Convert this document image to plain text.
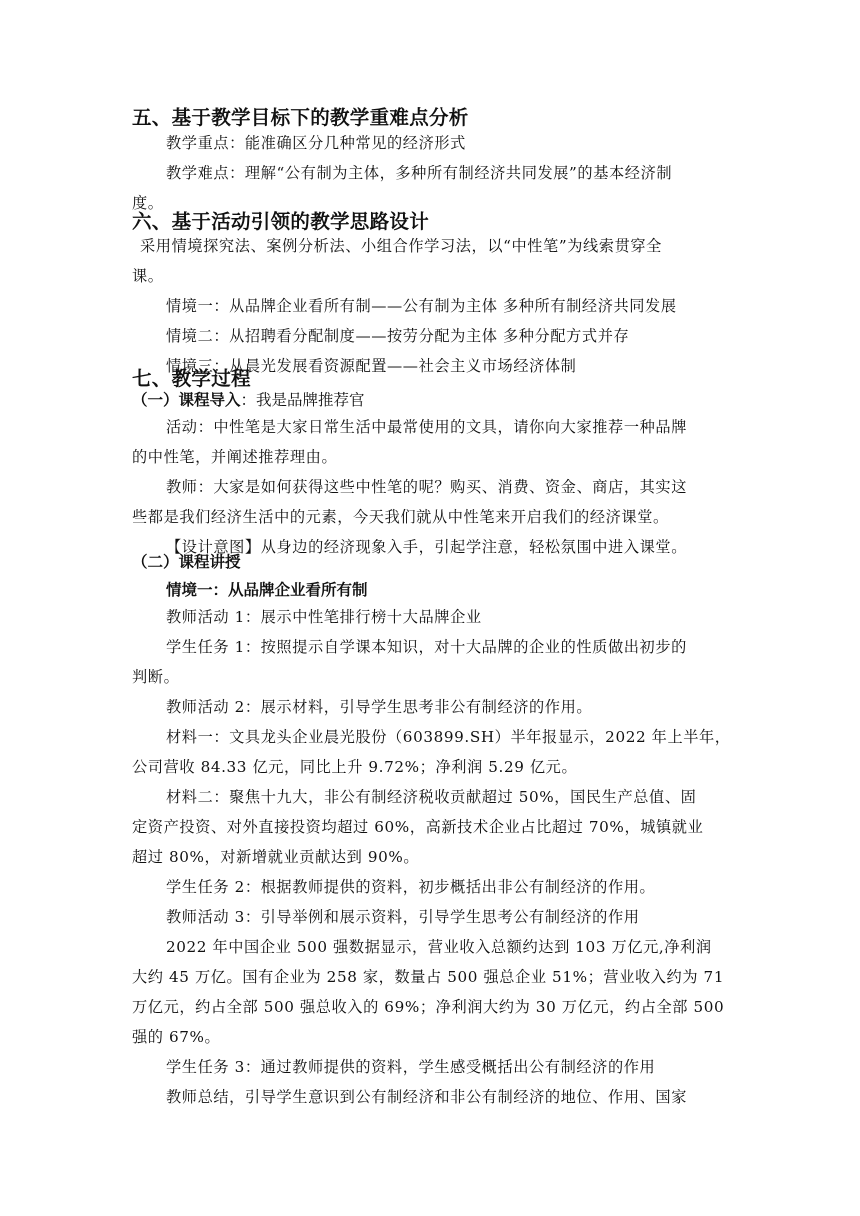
五、基于教学目标下的教学重难点分析
教学重点：能准确区分几种常见的经济形式
教学难点：理解“公有制为主体，多种所有制经济共同发展”的基本经济制
度。
六、基于活动引领的教学思路设计
采用情境探究法、案例分析法、小组合作学习法，以“中性笔”为线索贯穿全
课。
情境一：从品牌企业看所有制——公有制为主体 多种所有制经济共同发展
情境二：从招聘看分配制度——按劳分配为主体 多种分配方式并存
情境三：从晨光发展看资源配置——社会主义市场经济体制
七、教学过程
（一）课程导入：我是品牌推荐官
活动：中性笔是大家日常生活中最常使用的文具，请你向大家推荐一种品牌
的中性笔，并阐述推荐理由。
教师：大家是如何获得这些中性笔的呢？购买、消费、资金、商店，其实这
些都是我们经济生活中的元素，今天我们就从中性笔来开启我们的经济课堂。
【设计意图】从身边的经济现象入手，引起学注意，轻松氛围中进入课堂。
（二）课程讲授
情境一：从品牌企业看所有制
教师活动 1：展示中性笔排行榜十大品牌企业
学生任务 1：按照提示自学课本知识，对十大品牌的企业的性质做出初步的
判断。
教师活动 2：展示材料，引导学生思考非公有制经济的作用。
材料一：文具龙头企业晨光股份（603899.SH）半年报显示，2022 年上半年，
公司营收 84.33 亿元，同比上升 9.72%；净利润 5.29 亿元。
材料二：聚焦十九大，非公有制经济税收贡献超过 50%，国民生产总值、固
定资产投资、对外直接投资均超过 60%，高新技术企业占比超过 70%，城镇就业
超过 80%，对新增就业贡献达到 90%。
学生任务 2：根据教师提供的资料，初步概括出非公有制经济的作用。
教师活动 3：引导举例和展示资料，引导学生思考公有制经济的作用
2022 年中国企业 500 强数据显示，营业收入总额约达到 103 万亿元,净利润
大约 45 万亿。国有企业为 258 家，数量占 500 强总企业 51%；营业收入约为 71
万亿元，约占全部 500 强总收入的 69%；净利润大约为 30 万亿元，约占全部 500
强的 67%。
学生任务 3：通过教师提供的资料，学生感受概括出公有制经济的作用
教师总结，引导学生意识到公有制经济和非公有制经济的地位、作用、国家
